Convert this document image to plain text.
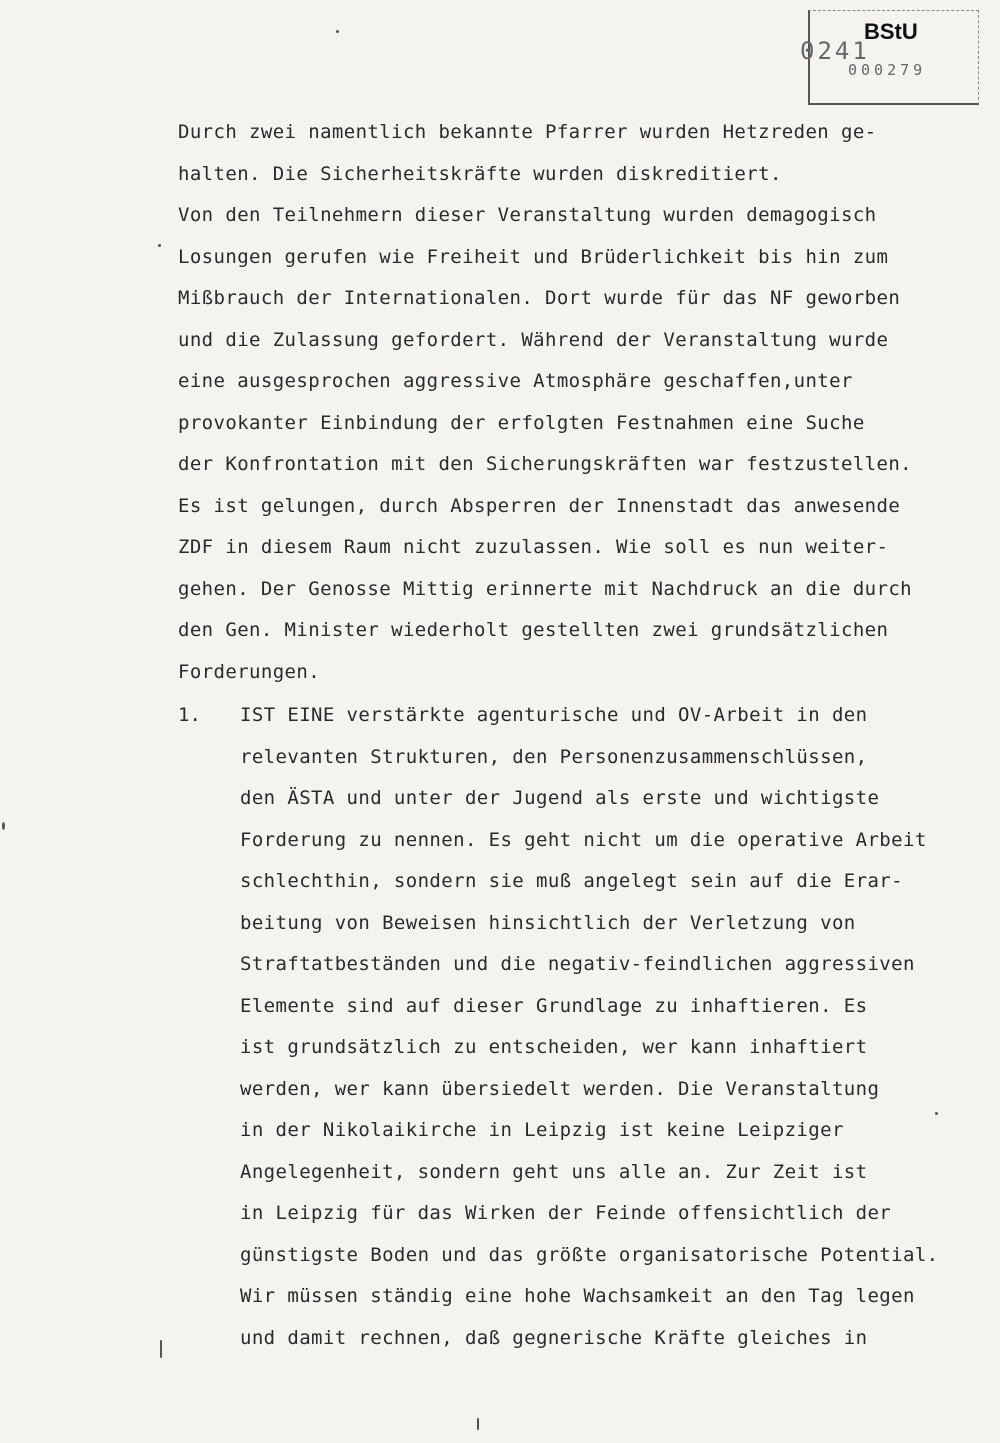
BStU
0241
000279
Durch zwei namentlich bekannte Pfarrer wurden Hetzreden ge-
halten. Die Sicherheitskräfte wurden diskreditiert.
Von den Teilnehmern dieser Veranstaltung wurden demagogisch
Losungen gerufen wie Freiheit und Brüderlichkeit bis hin zum
Mißbrauch der Internationalen. Dort wurde für das NF geworben
und die Zulassung gefordert. Während der Veranstaltung wurde
eine ausgesprochen aggressive Atmosphäre geschaffen,unter
provokanter Einbindung der erfolgten Festnahmen eine Suche
der Konfrontation mit den Sicherungskräften war festzustellen.
Es ist gelungen, durch Absperren der Innenstadt das anwesende
ZDF in diesem Raum nicht zuzulassen. Wie soll es nun weiter-
gehen. Der Genosse Mittig erinnerte mit Nachdruck an die durch
den Gen. Minister wiederholt gestellten zwei grundsätzlichen
Forderungen.
1. IST EINE verstärkte agenturische und OV-Arbeit in den
relevanten Strukturen, den Personenzusammenschlüssen,
den ÄSTA und unter der Jugend als erste und wichtigste
Forderung zu nennen. Es geht nicht um die operative Arbeit
schlechthin, sondern sie muß angelegt sein auf die Erar-
beitung von Beweisen hinsichtlich der Verletzung von
Straftatbeständen und die negativ-feindlichen aggressiven
Elemente sind auf dieser Grundlage zu inhaftieren. Es
ist grundsätzlich zu entscheiden, wer kann inhaftiert
werden, wer kann übersiedelt werden. Die Veranstaltung
in der Nikolaikirche in Leipzig ist keine Leipziger
Angelegenheit, sondern geht uns alle an. Zur Zeit ist
in Leipzig für das Wirken der Feinde offensichtlich der
günstigste Boden und das größte organisatorische Potential.
Wir müssen ständig eine hohe Wachsamkeit an den Tag legen
und damit rechnen, daß gegnerische Kräfte gleiches in
